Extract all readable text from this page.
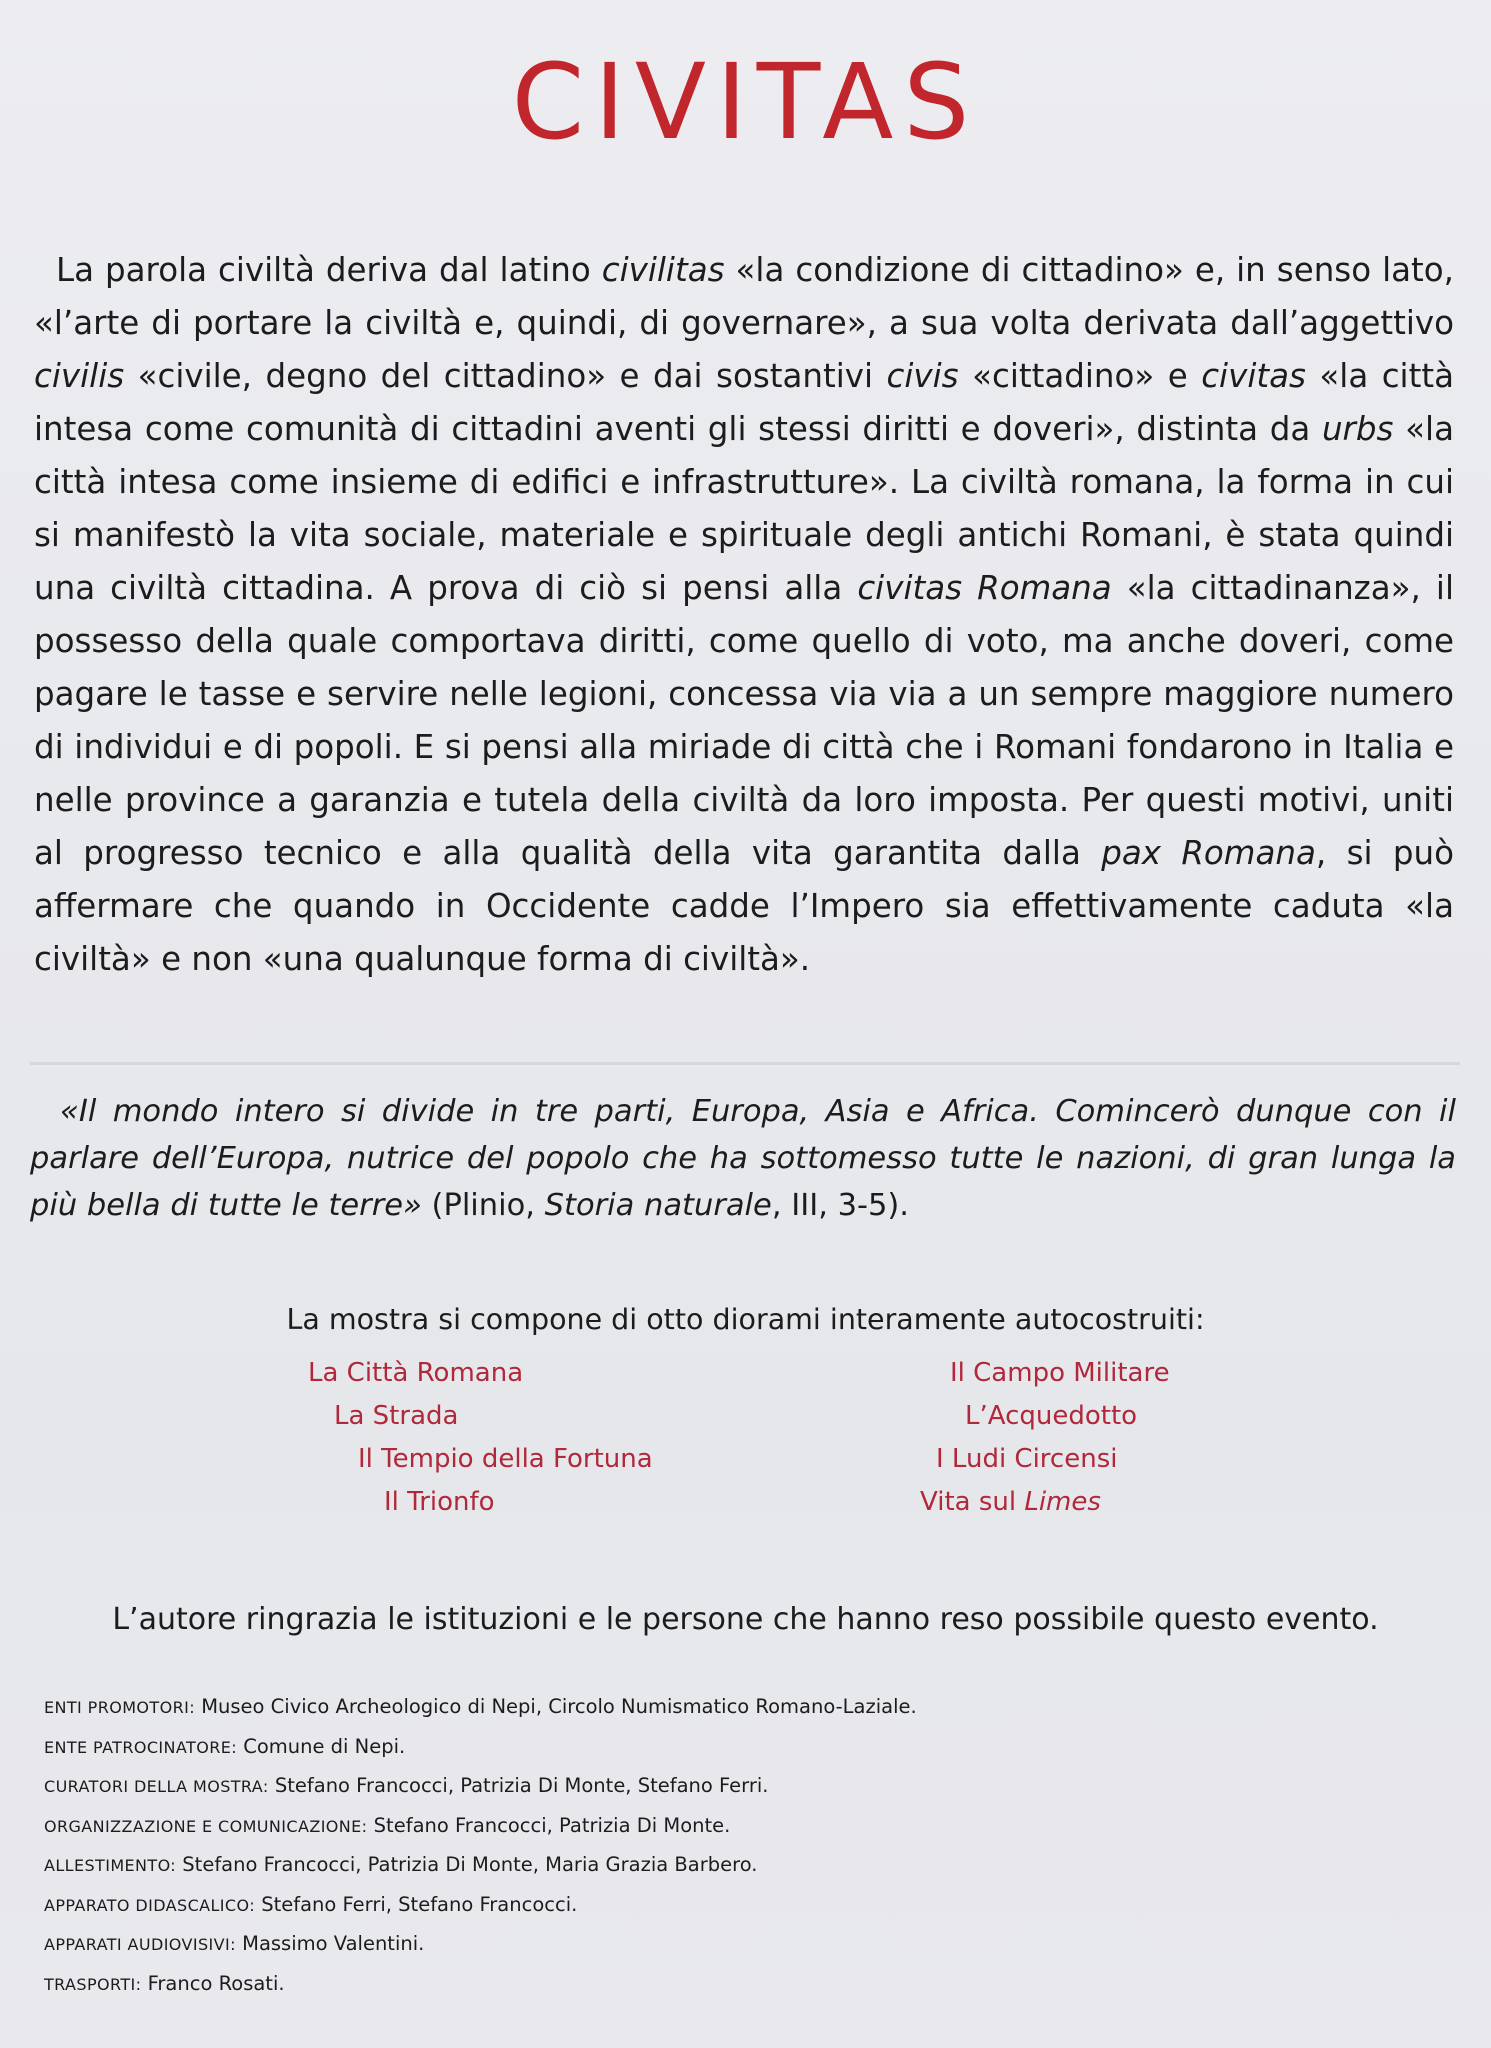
CIVITAS

La parola civiltà deriva dal latino civilitas «la condizione di cittadino» e, in senso lato, «l’arte di portare la civiltà e, quindi, di governare», a sua volta derivata dall’aggettivo civilis «civile, degno del cittadino» e dai sostantivi civis «cittadino» e civitas «la città intesa come comunità di cittadini aventi gli stessi diritti e doveri», distinta da urbs «la città intesa come insieme di edifici e infrastrutture». La civiltà romana, la forma in cui si manifestò la vita sociale, materiale e spirituale degli antichi Romani, è stata quindi una civiltà cittadina. A prova di ciò si pensi alla civitas Romana «la cittadinanza», il possesso della quale comportava diritti, come quello di voto, ma anche doveri, come pagare le tasse e servire nelle legioni, concessa via via a un sempre maggiore numero di individui e di popoli. E si pensi alla miriade di città che i Romani fondarono in Italia e nelle province a garanzia e tutela della civiltà da loro imposta. Per questi motivi, uniti al progresso tecnico e alla qualità della vita garantita dalla pax Romana, si può affermare che quando in Occidente cadde l’Impero sia effettivamente caduta «la civiltà» e non «una qualunque forma di civiltà».

«Il mondo intero si divide in tre parti, Europa, Asia e Africa. Comincerò dunque con il parlare dell’Europa, nutrice del popolo che ha sottomesso tutte le nazioni, di gran lunga la più bella di tutte le terre» (Plinio, Storia naturale, III, 3-5).

La mostra si compone di otto diorami interamente autocostruiti:
La Città Romana
La Strada
Il Tempio della Fortuna
Il Trionfo
Il Campo Militare
L’Acquedotto
I Ludi Circensi
Vita sul Limes
L’autore ringrazia le istituzioni e le persone che hanno reso possibile questo evento.
ENTI PROMOTORI: Museo Civico Archeologico di Nepi, Circolo Numismatico Romano-Laziale.
ENTE PATROCINATORE: Comune di Nepi.
CURATORI DELLA MOSTRA: Stefano Francocci, Patrizia Di Monte, Stefano Ferri.
ORGANIZZAZIONE E COMUNICAZIONE: Stefano Francocci, Patrizia Di Monte.
ALLESTIMENTO: Stefano Francocci, Patrizia Di Monte, Maria Grazia Barbero.
APPARATO DIDASCALICO: Stefano Ferri, Stefano Francocci.
APPARATI AUDIOVISIVI: Massimo Valentini.
TRASPORTI: Franco Rosati.
